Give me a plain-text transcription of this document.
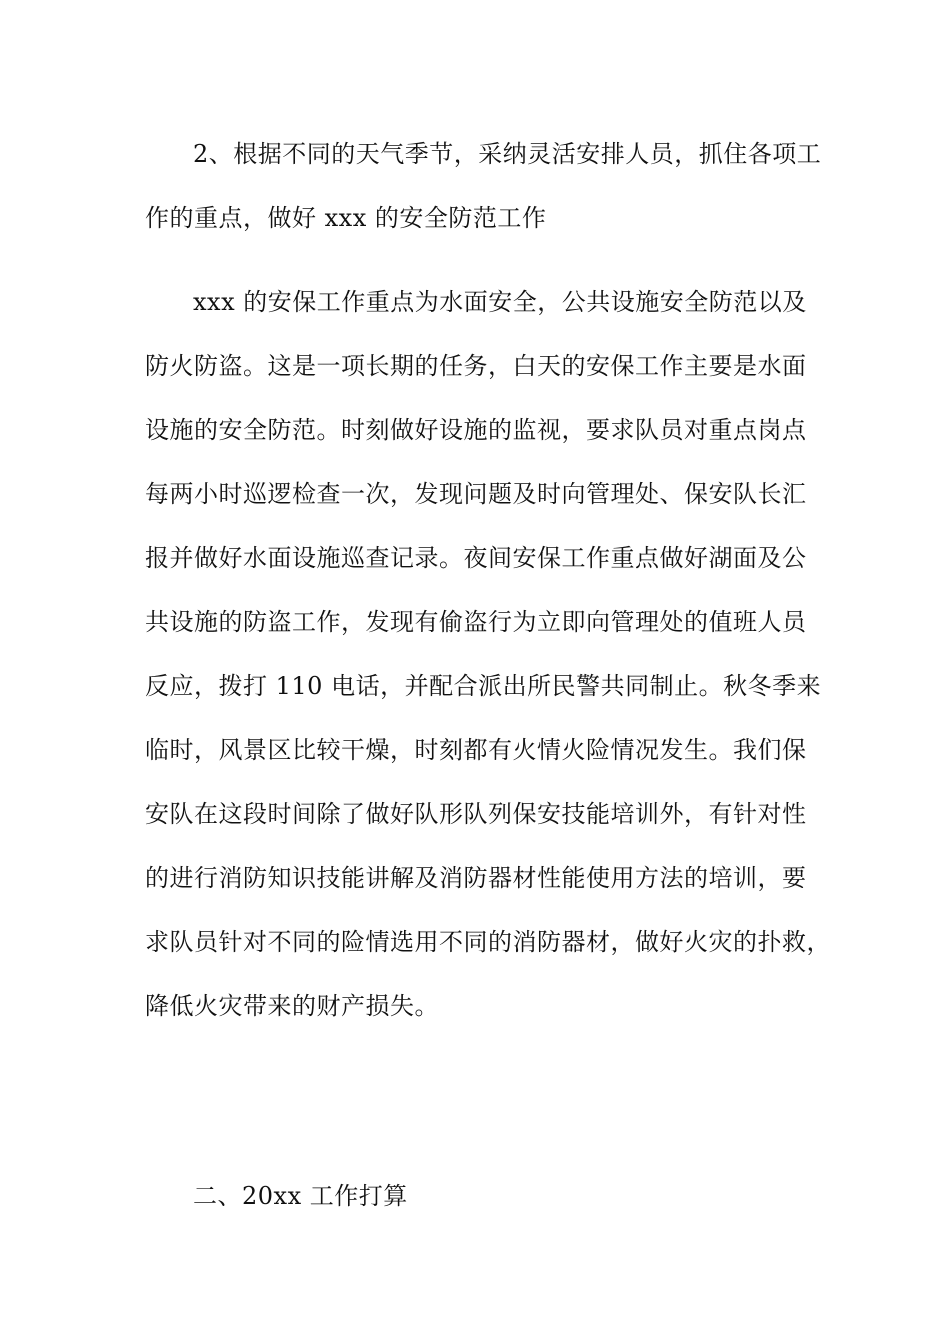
2、根据不同的天气季节，采纳灵活安排人员，抓住各项工
作的重点，做好 xxx 的安全防范工作
xxx 的安保工作重点为水面安全，公共设施安全防范以及
防火防盗。这是一项长期的任务，白天的安保工作主要是水面
设施的安全防范。时刻做好设施的监视，要求队员对重点岗点
每两小时巡逻检查一次，发现问题及时向管理处、保安队长汇
报并做好水面设施巡查记录。夜间安保工作重点做好湖面及公
共设施的防盗工作，发现有偷盗行为立即向管理处的值班人员
反应，拨打 110 电话，并配合派出所民警共同制止。秋冬季来
临时，风景区比较干燥，时刻都有火情火险情况发生。我们保
安队在这段时间除了做好队形队列保安技能培训外，有针对性
的进行消防知识技能讲解及消防器材性能使用方法的培训，要
求队员针对不同的险情选用不同的消防器材，做好火灾的扑救，
降低火灾带来的财产损失。
二、20xx 工作打算
